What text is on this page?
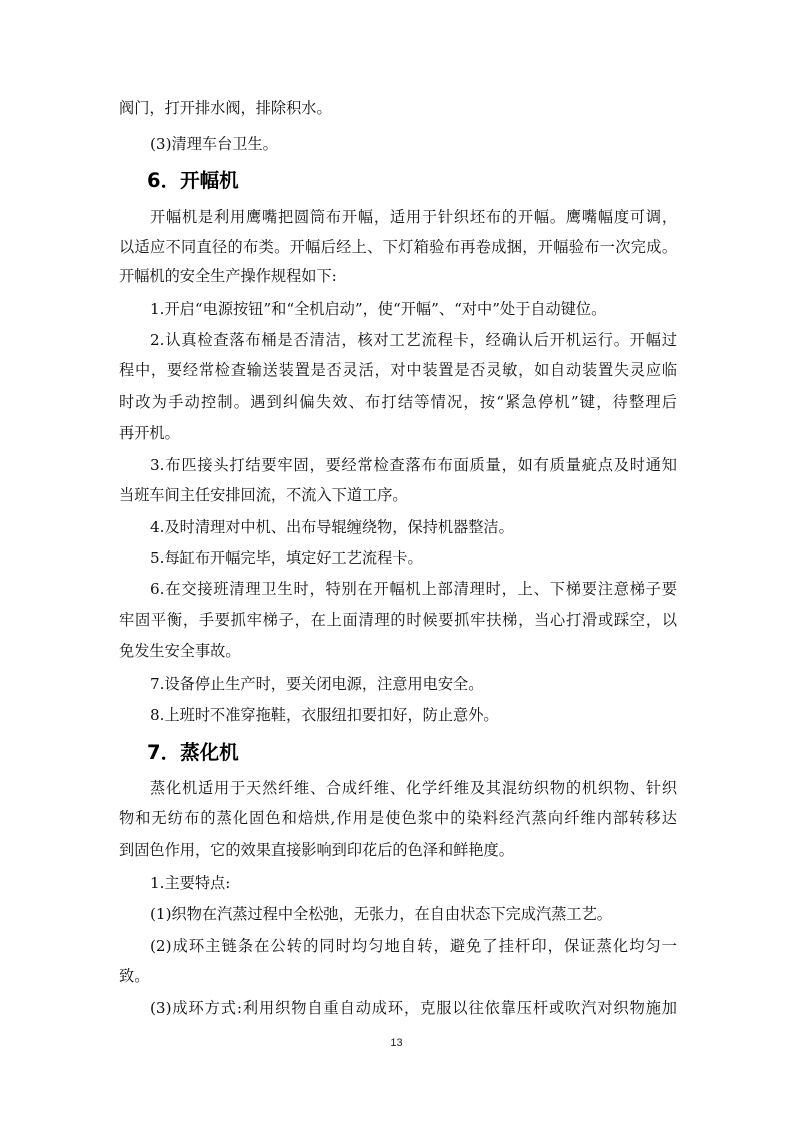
阀门，打开排水阀，排除积水。
(3)清理车台卫生。
6．开幅机
开幅机是利用鹰嘴把圆筒布开幅，适用于针织坯布的开幅。鹰嘴幅度可调，
以适应不同直径的布类。开幅后经上、下灯箱验布再卷成捆，开幅验布一次完成。
开幅机的安全生产操作规程如下:
1.开启“电源按钮”和“全机启动”，使“开幅”、“对中”处于自动键位。
2.认真检查落布桶是否清洁，核对工艺流程卡，经确认后开机运行。开幅过
程中，要经常检查输送装置是否灵活，对中装置是否灵敏，如自动装置失灵应临
时改为手动控制。遇到纠偏失效、布打结等情况，按“紧急停机”键，待整理后
再开机。
3.布匹接头打结要牢固，要经常检查落布布面质量，如有质量疵点及时通知
当班车间主任安排回流，不流入下道工序。
4.及时清理对中机、出布导辊缠绕物，保持机器整洁。
5.每缸布开幅完毕，填定好工艺流程卡。
6.在交接班清理卫生时，特别在开幅机上部清理时，上、下梯要注意梯子要
牢固平衡，手要抓牢梯子，在上面清理的时候要抓牢扶梯，当心打滑或踩空，以
免发生安全事故。
7.设备停止生产时，要关闭电源，注意用电安全。
8.上班时不准穿拖鞋，衣服纽扣要扣好，防止意外。
7．蒸化机
蒸化机适用于天然纤维、合成纤维、化学纤维及其混纺织物的机织物、针织
物和无纺布的蒸化固色和焙烘,作用是使色浆中的染料经汽蒸向纤维内部转移达
到固色作用，它的效果直接影响到印花后的色泽和鲜艳度。
1.主要特点:
(1)织物在汽蒸过程中全松弛，无张力，在自由状态下完成汽蒸工艺。
(2)成环主链条在公转的同时均匀地自转，避免了挂杆印，保证蒸化均匀一
致。
(3)成环方式:利用织物自重自动成环，克服以往依靠压杆或吹汽对织物施加
13
